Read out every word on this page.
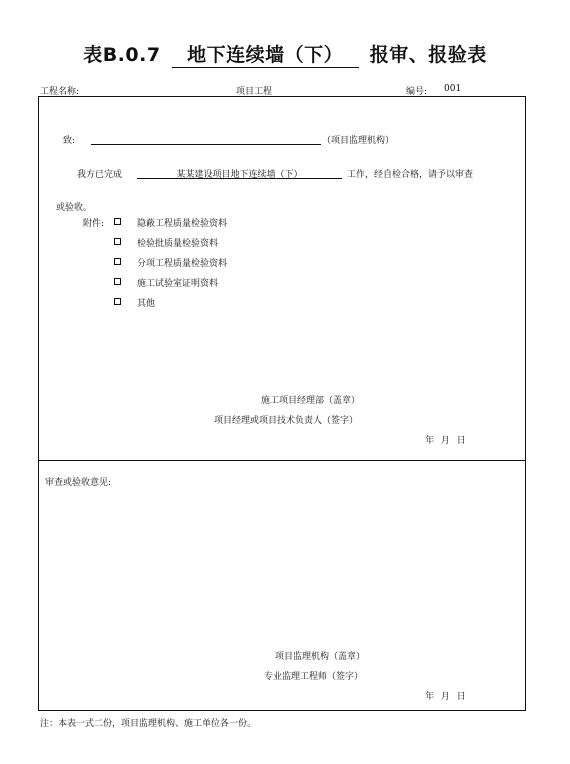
表B.0.7 地下连续墙（下） 报审、报验表
工程名称:	项目工程	编号: 001
致:	（项目监理机构）
我方已完成	某某建设项目地下连续墙（下）	工作，经自检合格，请予以审查
或验收。
附件:	隐蔽工程质量检验资料
检验批质量检验资料
分项工程质量检验资料
施工试验室证明资料
其他
施工项目经理部（盖章）
项目经理或项目技术负责人（签字）
年 月 日
审查或验收意见:
项目监理机构（盖章）
专业监理工程师（签字）
年 月 日
注：本表一式二份，项目监理机构、施工单位各一份。
